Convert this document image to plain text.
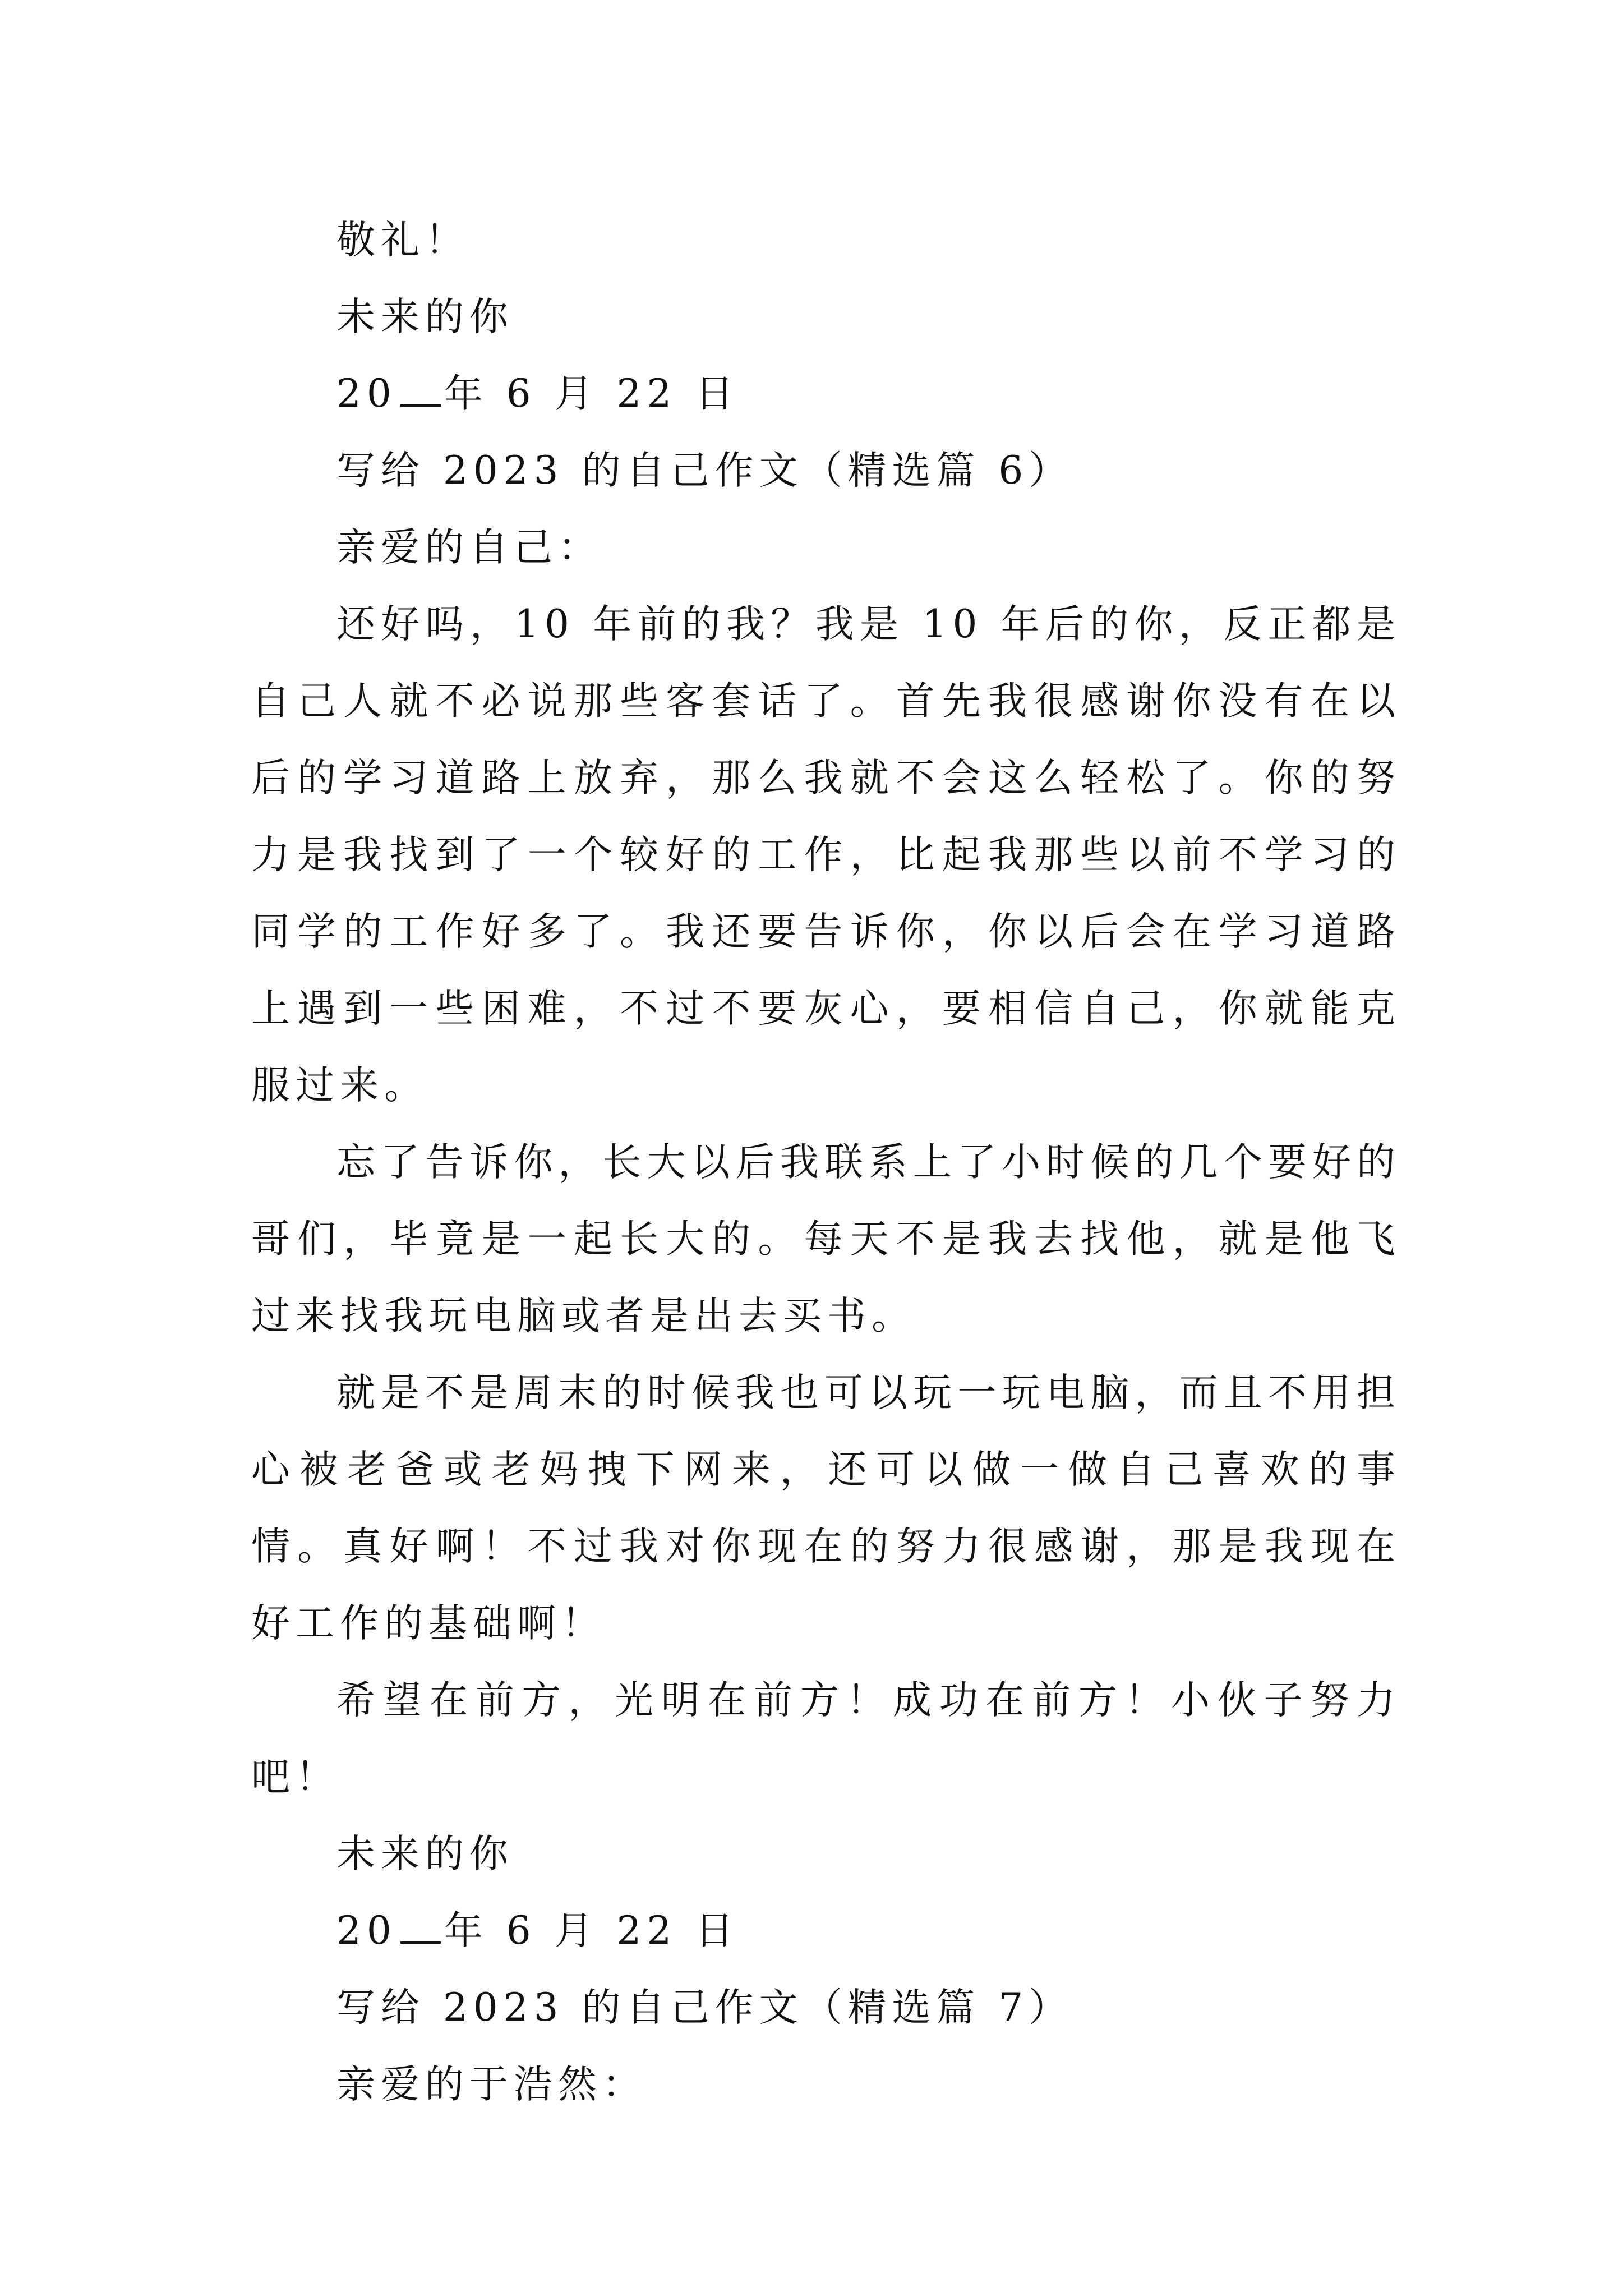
敬礼！
未来的你
20 年 6 月 22 日
写给 2023 的自己作文（精选篇 6）
亲爱的自己：

还好吗，10 年前的我？我是 10 年后的你，反正都是自己人就不必说那些客套话了。首先我很感谢你没有在以后的学习道路上放弃，那么我就不会这么轻松了。你的努力是我找到了一个较好的工作，比起我那些以前不学习的同学的工作好多了。我还要告诉你，你以后会在学习道路上遇到一些困难，不过不要灰心，要相信自己，你就能克服过来。

忘了告诉你，长大以后我联系上了小时候的几个要好的哥们，毕竟是一起长大的。每天不是我去找他，就是他飞过来找我玩电脑或者是出去买书。

就是不是周末的时候我也可以玩一玩电脑，而且不用担心被老爸或老妈拽下网来，还可以做一做自己喜欢的事情。真好啊！不过我对你现在的努力很感谢，那是我现在好工作的基础啊！

希望在前方，光明在前方！成功在前方！小伙子努力吧！

未来的你
20 年 6 月 22 日
写给 2023 的自己作文（精选篇 7）
亲爱的于浩然：
